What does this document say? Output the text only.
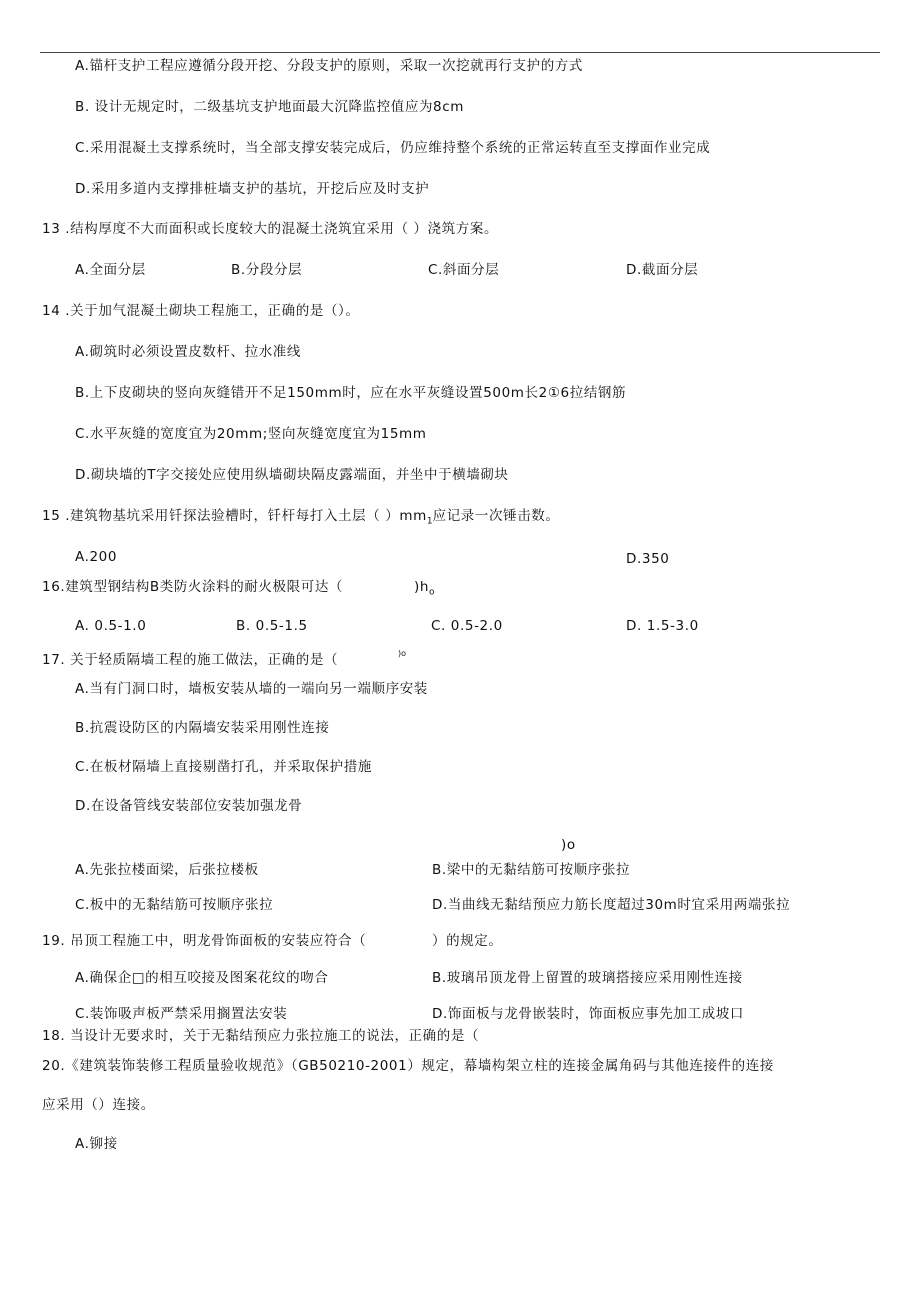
A.锚杆支护工程应遵循分段开挖、分段支护的原则，采取一次挖就再行支护的方式
B. 设计无规定时，二级基坑支护地面最大沉降监控值应为8cm
C.采用混凝土支撑系统时，当全部支撑安装完成后，仍应维持整个系统的正常运转直至支撑面作业完成
D.采用多道内支撑排桩墙支护的基坑，开挖后应及时支护
13 .结构厚度不大而面积或长度较大的混凝土浇筑宜采用（ ）浇筑方案。
A.全面分层	B.分段分层	C.斜面分层	D.截面分层
14 .关于加气混凝土砌块工程施工，正确的是（）。
A.砌筑时必须设置皮数杆、拉水准线
B.上下皮砌块的竖向灰缝错开不足150mm时，应在水平灰缝设置500m长2①6拉结钢筋
C.水平灰缝的宽度宜为20mm;竖向灰缝宽度宜为15mm
D.砌块墙的T字交接处应使用纵墙砌块隔皮露端面，并坐中于横墙砌块
15 .建筑物基坑采用钎探法验槽时，钎杆每打入土层（ ）$mm_1$应记录一次锤击数。
A.200	D.350
16.建筑型钢结构B类防火涂料的耐火极限可达（	)$h_o$
A. 0.5-1.0	B. 0.5-1.5	C. 0.5-2.0	D. 1.5-3.0
17. 关于轻质隔墙工程的施工做法，正确的是（	$^{)o}$
A.当有门洞口时，墙板安装从墙的一端向另一端顺序安装
B.抗震设防区的内隔墙安装采用刚性连接
C.在板材隔墙上直接剔凿打孔，并采取保护措施
D.在设备管线安装部位安装加强龙骨
)o
A.先张拉楼面梁，后张拉楼板	B.梁中的无黏结筋可按顺序张拉
C.板中的无黏结筋可按顺序张拉	D.当曲线无黏结预应力筋长度超过30m时宜采用两端张拉
19. 吊顶工程施工中，明龙骨饰面板的安装应符合（	）的规定。
A.确保企□的相互咬接及图案花纹的吻合	B.玻璃吊顶龙骨上留置的玻璃搭接应采用刚性连接
C.装饰吸声板严禁采用搁置法安装	D.饰面板与龙骨嵌装时，饰面板应事先加工成坡口
18. 当设计无要求时，关于无黏结预应力张拉施工的说法，正确的是（
20.《建筑装饰装修工程质量验收规范》（GB50210-2001）规定，幕墙构架立柱的连接金属角码与其他连接件的连接
应采用（）连接。
A.铆接
